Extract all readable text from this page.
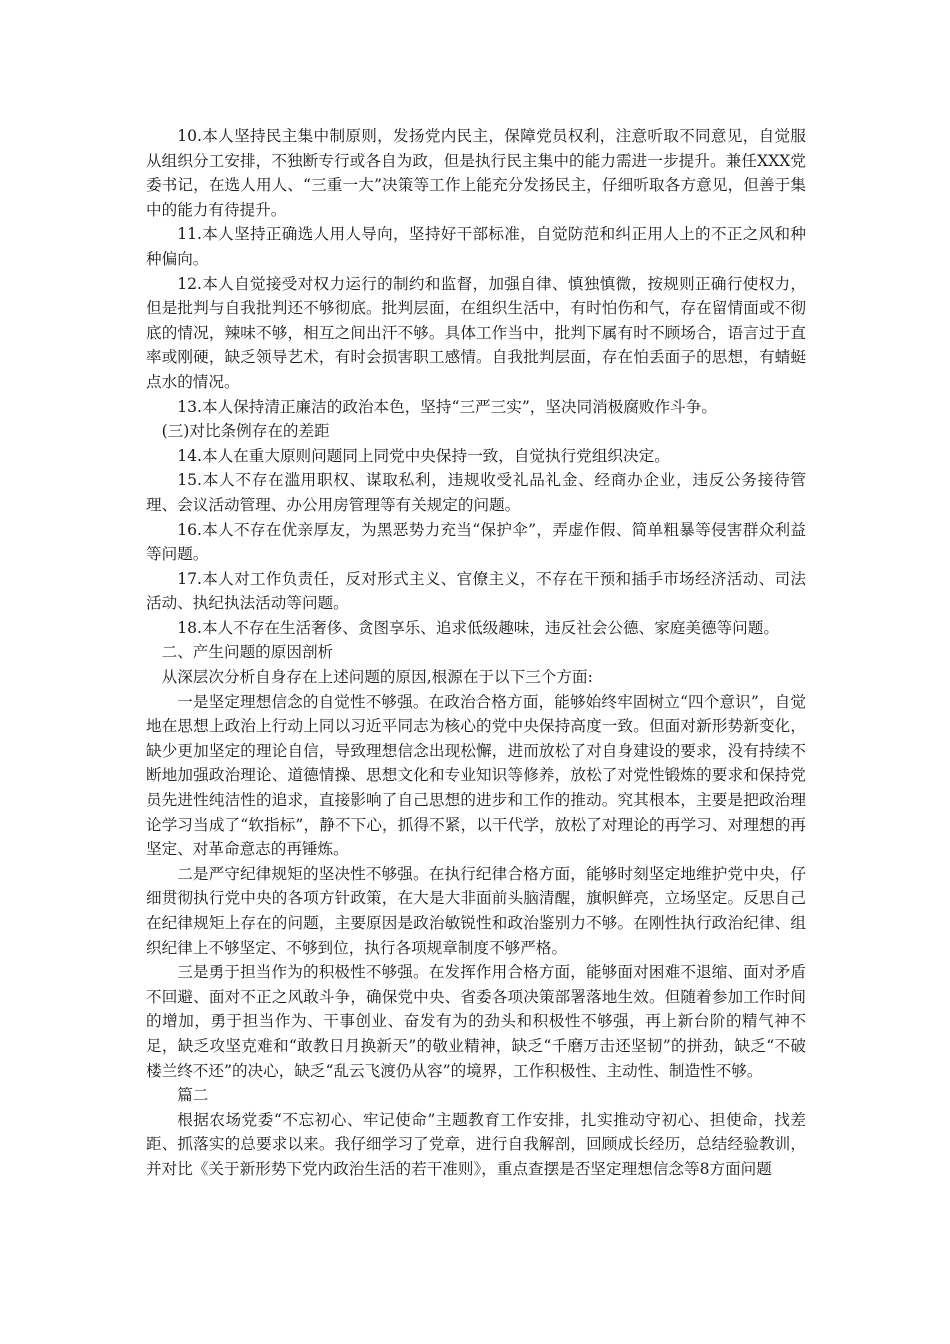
10.本人坚持民主集中制原则，发扬党内民主，保障党员权利，注意听取不同意见，自觉服从组织分工安排，不独断专行或各自为政，但是执行民主集中的能力需进一步提升。兼任XXX党委书记，在选人用人、“三重一大”决策等工作上能充分发扬民主，仔细听取各方意见，但善于集中的能力有待提升。

11.本人坚持正确选人用人导向，坚持好干部标准，自觉防范和纠正用人上的不正之风和种种偏向。

12.本人自觉接受对权力运行的制约和监督，加强自律、慎独慎微，按规则正确行使权力，但是批判与自我批判还不够彻底。批判层面，在组织生活中，有时怕伤和气，存在留情面或不彻底的情况，辣味不够，相互之间出汗不够。具体工作当中，批判下属有时不顾场合，语言过于直率或刚硬，缺乏领导艺术，有时会损害职工感情。自我批判层面，存在怕丢面子的思想，有蜻蜓点水的情况。

13.本人保持清正廉洁的政治本色，坚持“三严三实”，坚决同消极腐败作斗争。

(三)对比条例存在的差距

14.本人在重大原则问题同上同党中央保持一致，自觉执行党组织决定。

15.本人不存在滥用职权、谋取私利，违规收受礼品礼金、经商办企业，违反公务接待管理、会议活动管理、办公用房管理等有关规定的问题。

16.本人不存在优亲厚友，为黑恶势力充当“保护伞”，弄虚作假、简单粗暴等侵害群众利益等问题。

17.本人对工作负责任，反对形式主义、官僚主义，不存在干预和插手市场经济活动、司法活动、执纪执法活动等问题。

18.本人不存在生活奢侈、贪图享乐、追求低级趣味，违反社会公德、家庭美德等问题。

二、产生问题的原因剖析

从深层次分析自身存在上述问题的原因,根源在于以下三个方面:

一是坚定理想信念的自觉性不够强。在政治合格方面，能够始终牢固树立“四个意识”，自觉地在思想上政治上行动上同以习近平同志为核心的党中央保持高度一致。但面对新形势新变化，缺少更加坚定的理论自信，导致理想信念出现松懈，进而放松了对自身建设的要求，没有持续不断地加强政治理论、道德情操、思想文化和专业知识等修养，放松了对党性锻炼的要求和保持党员先进性纯洁性的追求，直接影响了自己思想的进步和工作的推动。究其根本，主要是把政治理论学习当成了“软指标”，静不下心，抓得不紧，以干代学，放松了对理论的再学习、对理想的再坚定、对革命意志的再锤炼。

二是严守纪律规矩的坚决性不够强。在执行纪律合格方面，能够时刻坚定地维护党中央，仔细贯彻执行党中央的各项方针政策，在大是大非面前头脑清醒，旗帜鲜亮，立场坚定。反思自己在纪律规矩上存在的问题，主要原因是政治敏锐性和政治鉴别力不够。在刚性执行政治纪律、组织纪律上不够坚定、不够到位，执行各项规章制度不够严格。

三是勇于担当作为的积极性不够强。在发挥作用合格方面，能够面对困难不退缩、面对矛盾不回避、面对不正之风敢斗争，确保党中央、省委各项决策部署落地生效。但随着参加工作时间的增加，勇于担当作为、干事创业、奋发有为的劲头和积极性不够强，再上新台阶的精气神不足，缺乏攻坚克难和“敢教日月换新天”的敬业精神，缺乏“千磨万击还坚韧”的拼劲，缺乏“不破楼兰终不还”的决心，缺乏“乱云飞渡仍从容”的境界，工作积极性、主动性、制造性不够。

篇二

根据农场党委“不忘初心、牢记使命”主题教育工作安排，扎实推动守初心、担使命，找差距、抓落实的总要求以来。我仔细学习了党章，进行自我解剖，回顾成长经历，总结经验教训，并对比《关于新形势下党内政治生活的若干准则》，重点查摆是否坚定理想信念等8方面问题
